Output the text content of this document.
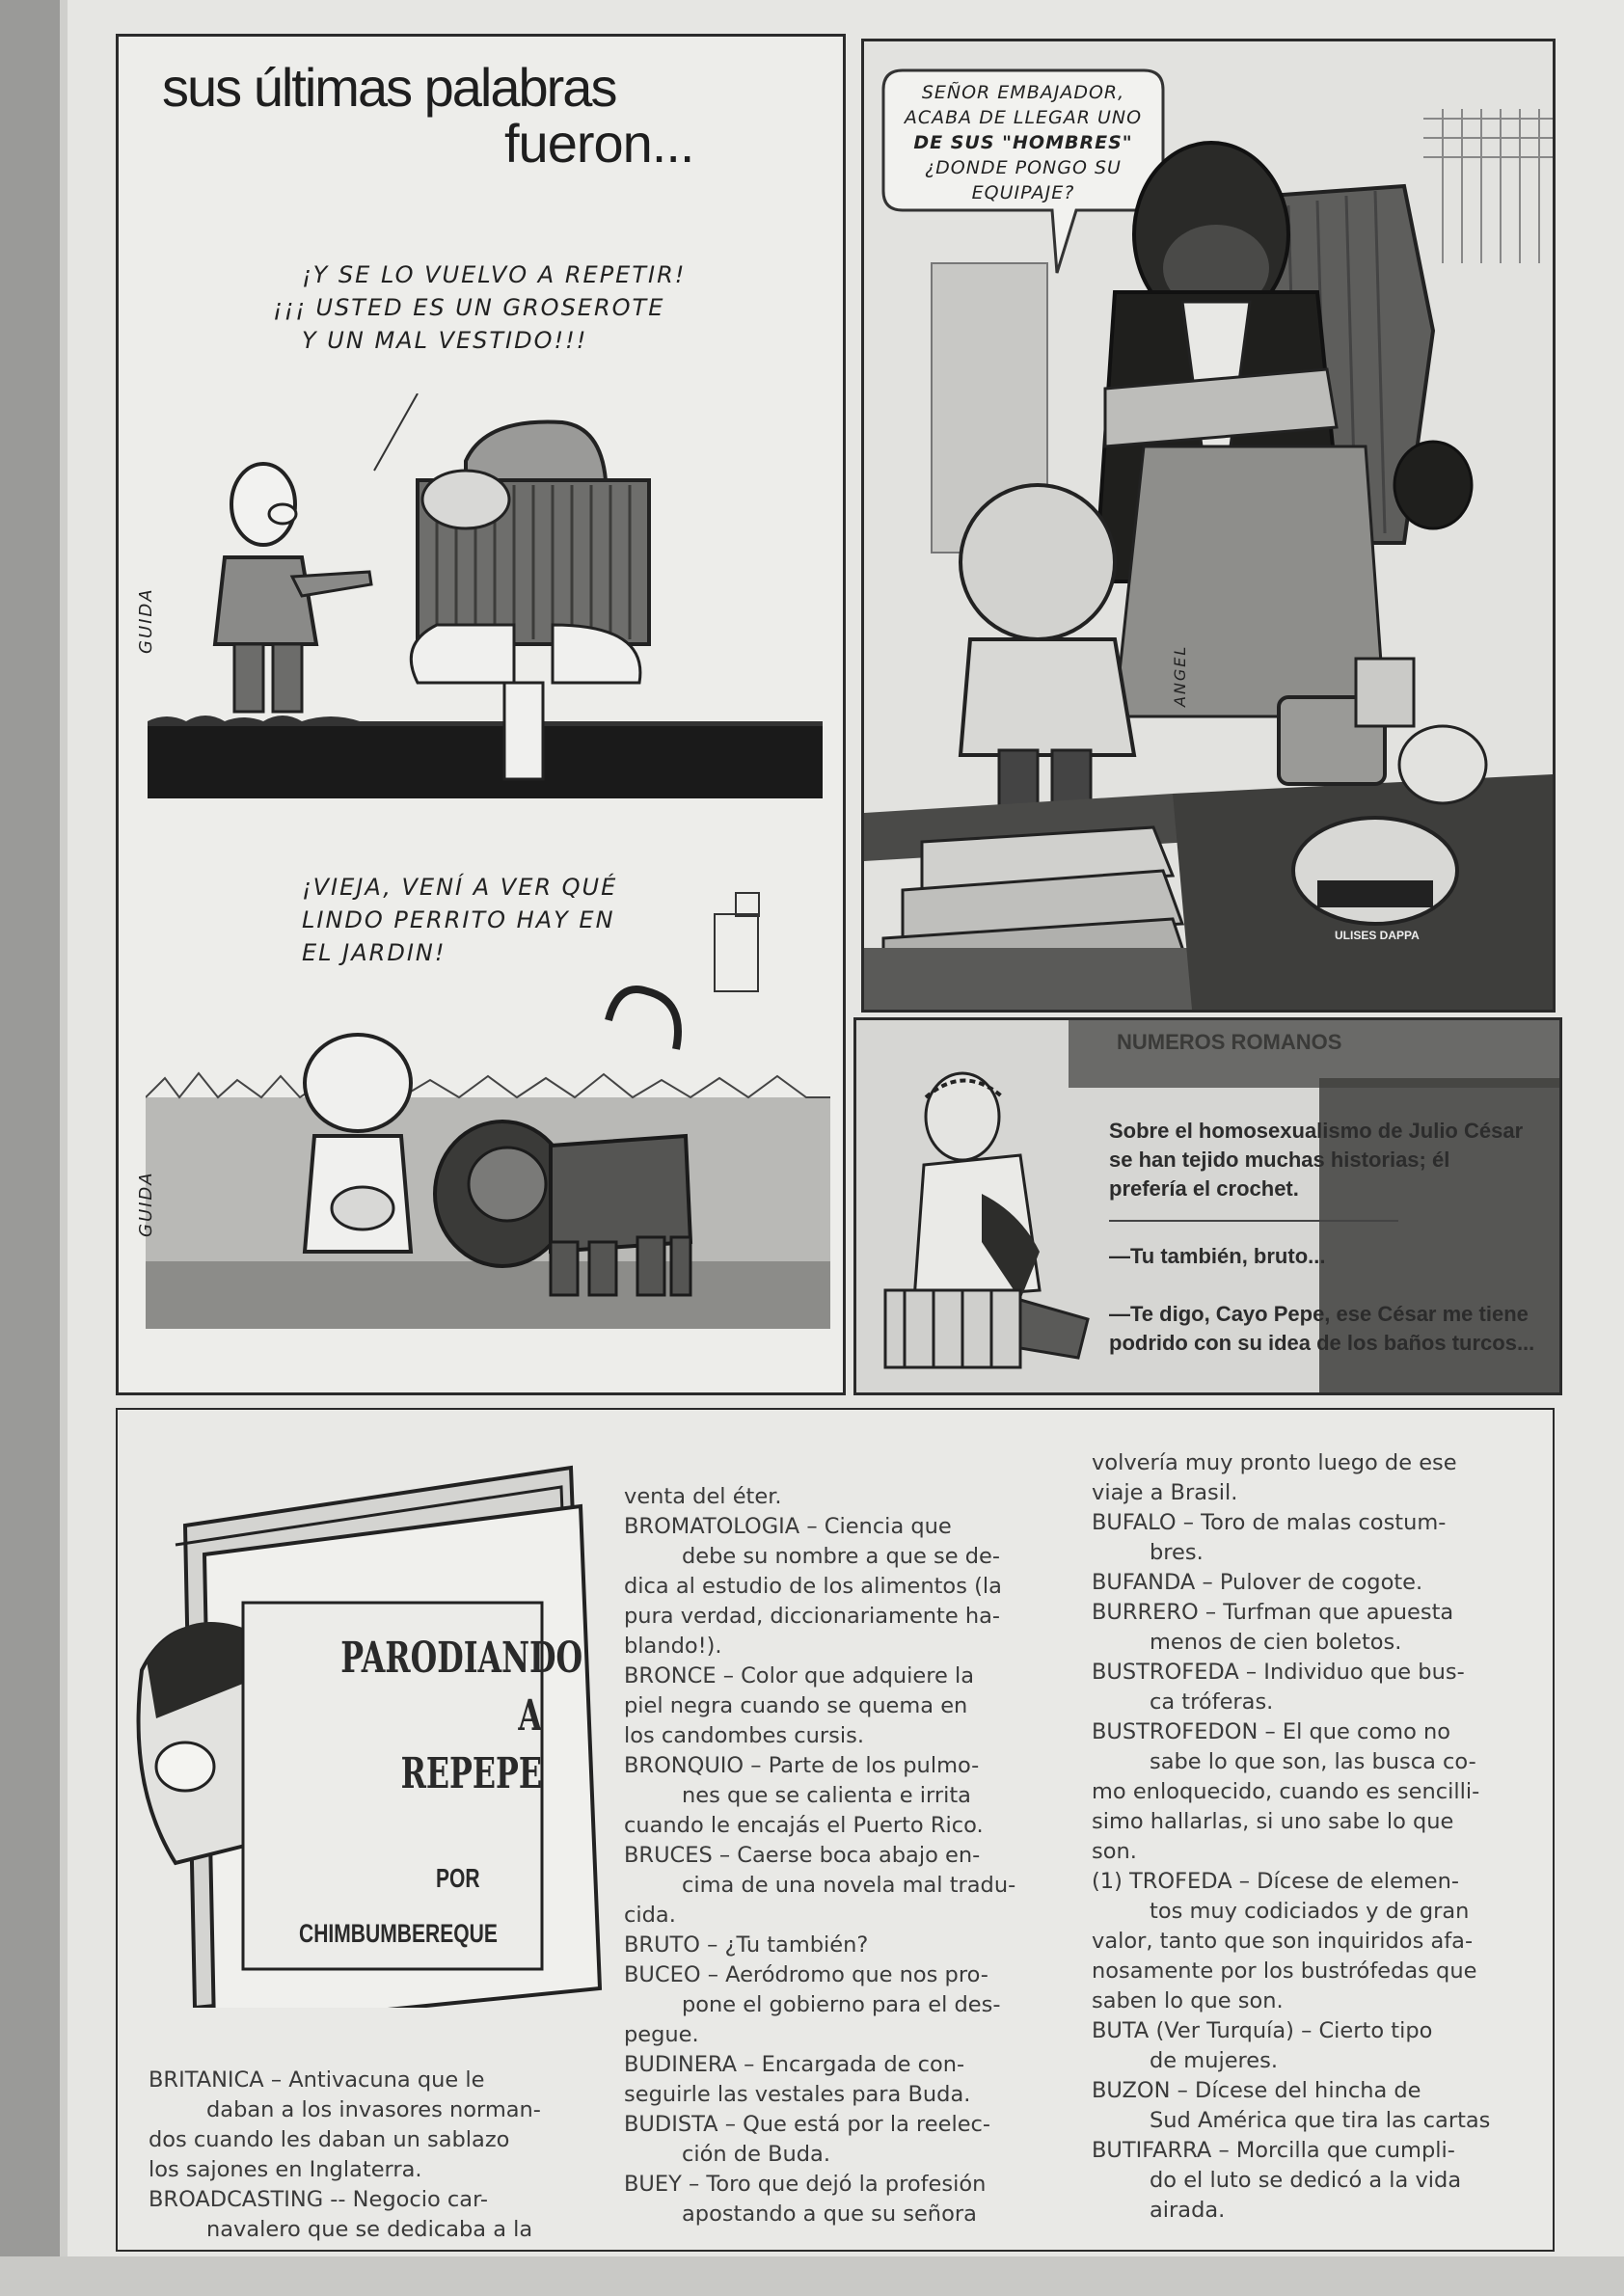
sus últimas palabras
fueron...
¡Y SE LO VUELVO A REPETIR!
¡¡¡ USTED ES UN GROSEROTE
Y UN MAL VESTIDO!!!
GUIDA
¡VIEJA, VENÍ A VER QUÉ
LINDO PERRITO HAY EN
EL JARDIN!
GUIDA
SEÑOR EMBAJADOR,
ACABA DE LLEGAR UNO
DE SUS "HOMBRES"
¿DONDE PONGO SU
EQUIPAJE?
ANGEL
ULISES DAPPA
NUMEROS ROMANOS
Sobre el homosexualismo de Julio César se han tejido muchas historias; él prefería el crochet.
—Tu también, bruto...
—Te digo, Cayo Pepe, ese César me tiene podrido con su idea de los baños turcos...
PARODIANDO
A
REPEPE
POR
CHIMBUMBEREQUE

BRITANICA – Antivacuna que le

daban a los invasores norman-

dos cuando les daban un sablazo

los sajones en Inglaterra.

BROADCASTING -- Negocio car-

navalero que se dedicaba a la

venta del éter.

BROMATOLOGIA – Ciencia que

debe su nombre a que se de-

dica al estudio de los alimentos (la

pura verdad, diccionariamente ha-

blando!).

BRONCE – Color que adquiere la

piel negra cuando se quema en

los candombes cursis.

BRONQUIO – Parte de los pulmo-

nes que se calienta e irrita

cuando le encajás el Puerto Rico.

BRUCES – Caerse boca abajo en-

cima de una novela mal tradu-

cida.

BRUTO – ¿Tu también?

BUCEO – Aeródromo que nos pro-

pone el gobierno para el des-

pegue.

BUDINERA – Encargada de con-

seguirle las vestales para Buda.

BUDISTA – Que está por la reelec-

ción de Buda.

BUEY – Toro que dejó la profesión

apostando a que su señora

volvería muy pronto luego de ese

viaje a Brasil.

BUFALO – Toro de malas costum-

bres.

BUFANDA – Pulover de cogote.

BURRERO – Turfman que apuesta

menos de cien boletos.

BUSTROFEDA – Individuo que bus-

ca tróferas.

BUSTROFEDON – El que como no

sabe lo que son, las busca co-

mo enloquecido, cuando es sencilli-

simo hallarlas, si uno sabe lo que

son.

(1) TROFEDA – Dícese de elemen-

tos muy codiciados y de gran

valor, tanto que son inquiridos afa-

nosamente por los bustrófedas que

saben lo que son.

BUTA (Ver Turquía) – Cierto tipo

de mujeres.

BUZON – Dícese del hincha de

Sud América que tira las cartas

BUTIFARRA – Morcilla que cumpli-

do el luto se dedicó a la vida

airada.
